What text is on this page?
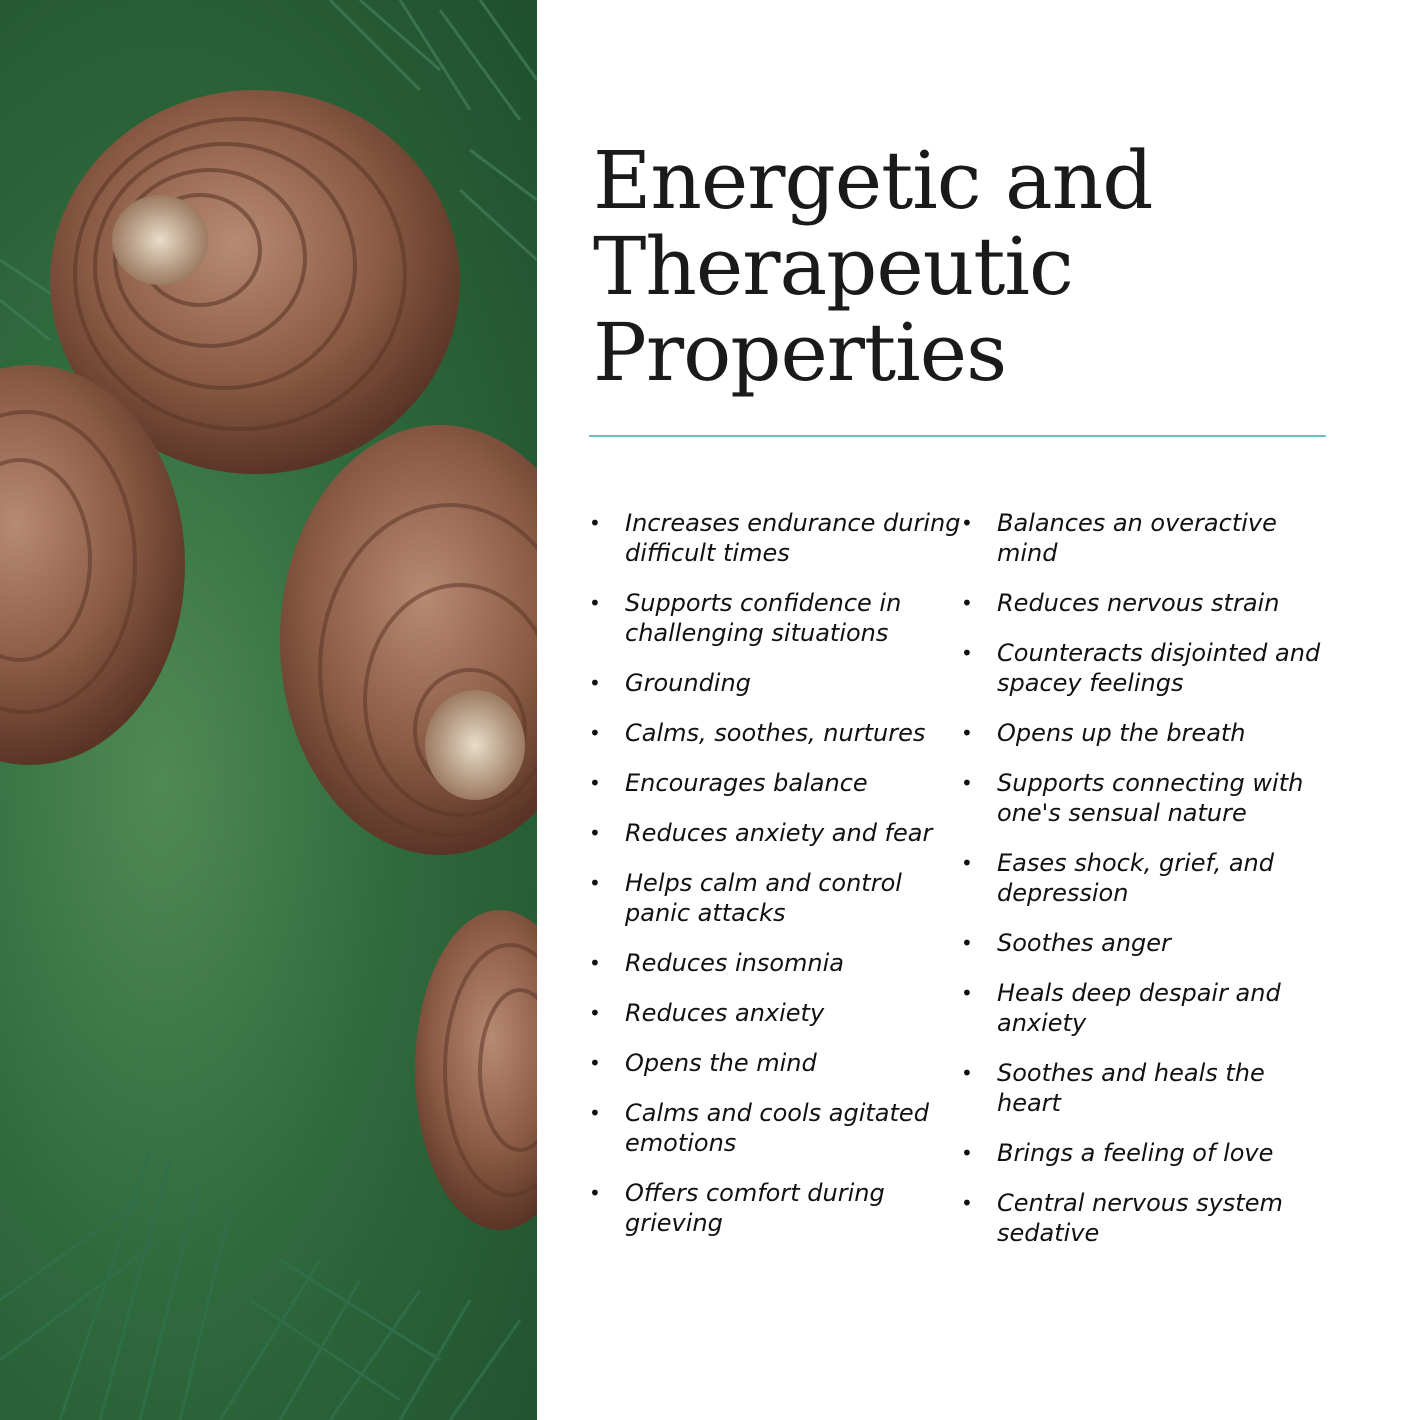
Energetic and
Therapeutic
Properties
• Increases endurance during difficult times
• Supports confidence in challenging situations
• Grounding
• Calms, soothes, nurtures
• Encourages balance
• Reduces anxiety and fear
• Helps calm and control panic attacks
• Reduces insomnia
• Reduces anxiety
• Opens the mind
• Calms and cools agitated emotions
• Offers comfort during grieving
• Balances an overactive mind
• Reduces nervous strain
• Counteracts disjointed and spacey feelings
• Opens up the breath
• Supports connecting with one's sensual nature
• Eases shock, grief, and depression
• Soothes anger
• Heals deep despair and anxiety
• Soothes and heals the heart
• Brings a feeling of love
• Central nervous system sedative
